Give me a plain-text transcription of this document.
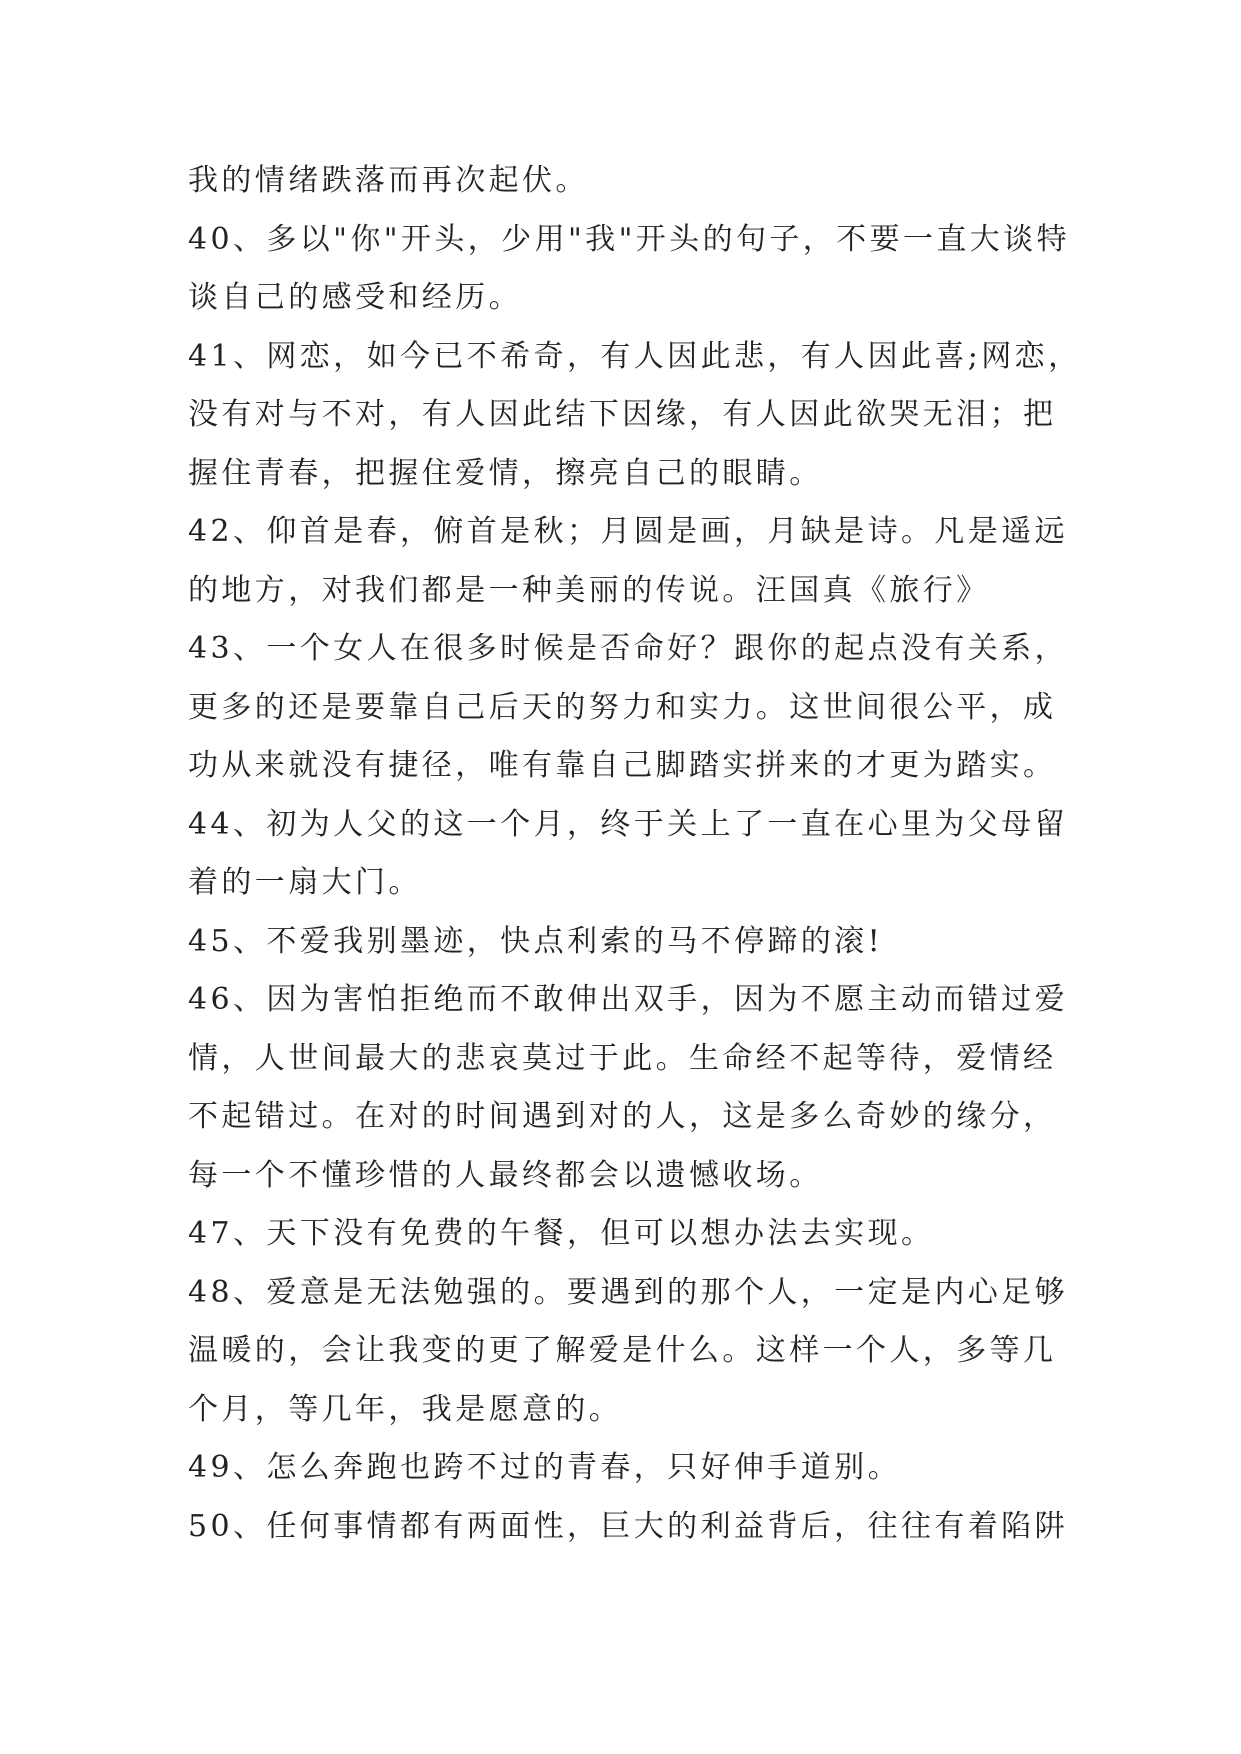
我的情绪跌落而再次起伏。
40、多以"你"开头，少用"我"开头的句子，不要一直大谈特
谈自己的感受和经历。
41、网恋，如今已不希奇，有人因此悲，有人因此喜;网恋，
没有对与不对，有人因此结下因缘，有人因此欲哭无泪；把
握住青春，把握住爱情，擦亮自己的眼睛。
42、仰首是春，俯首是秋；月圆是画，月缺是诗。凡是遥远
的地方，对我们都是一种美丽的传说。汪国真《旅行》
43、一个女人在很多时候是否命好？跟你的起点没有关系，
更多的还是要靠自己后天的努力和实力。这世间很公平，成
功从来就没有捷径，唯有靠自己脚踏实拼来的才更为踏实。
44、初为人父的这一个月，终于关上了一直在心里为父母留
着的一扇大门。
45、不爱我别墨迹，快点利索的马不停蹄的滚!
46、因为害怕拒绝而不敢伸出双手，因为不愿主动而错过爱
情，人世间最大的悲哀莫过于此。生命经不起等待，爱情经
不起错过。在对的时间遇到对的人，这是多么奇妙的缘分，
每一个不懂珍惜的人最终都会以遗憾收场。
47、天下没有免费的午餐，但可以想办法去实现。
48、爱意是无法勉强的。要遇到的那个人，一定是内心足够
温暖的，会让我变的更了解爱是什么。这样一个人，多等几
个月，等几年，我是愿意的。
49、怎么奔跑也跨不过的青春，只好伸手道别。
50、任何事情都有两面性，巨大的利益背后，往往有着陷阱
